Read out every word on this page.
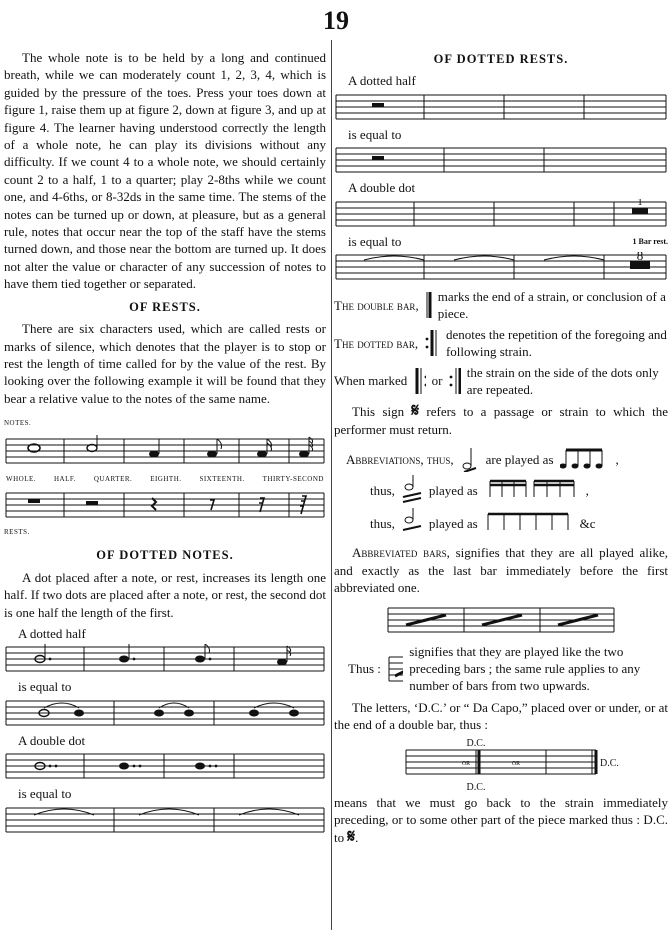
19

The whole note is to be held by a long and continued breath, while we can moderately count 1, 2, 3, 4, which is guided by the pressure of the toes. Press your toes down at figure 1, raise them up at figure 2, down at figure 3, and up at figure 4. The learner having understood correctly the length of a whole note, he can play its divisions without any difficulty. If we count 4 to a whole note, we should certainly count 2 to a half, 1 to a quarter; play 2-8ths while we count one, and 4-6ths, or 8-32ds in the same time. The stems of the notes can be turned up or down, at pleasure, but as a general rule, notes that occur near the top of the staff have the stems turned down, and those near the bottom are turned up. It does not alter the value or character of any succession of notes to have them tied together or separated.

OF RESTS.

There are six characters used, which are called rests or marks of silence, which denotes that the player is to stop or rest the length of time called for by the value of the rest. By looking over the following example it will be found that they bear a relative value to the notes of the same name.

NOTES.
WHOLE.	HALF.	QUARTER.	EIGHTH.	SIXTEENTH.	THIRTY-SECOND
RESTS.
OF DOTTED NOTES.

A dot placed after a note, or rest, increases its length one half. If two dots are placed after a note, or rest, the second dot is one half the length of the first.

A dotted half
is equal to
A double dot
is equal to
OF DOTTED RESTS.
A dotted half
is equal to
A double dot
1
is equal to	1 Bar rest.
8
The double bar,
marks the end of a strain, or conclusion of a piece.
The dotted bar,
denotes the repetition of the foregoing and following strain.
When marked or
the strain on the side of the dots only are repeated.

This sign 𝄋 refers to a passage or strain to which the performer must return.

Abbreviations, thus, are played as	,
thus,	played as	,
thus,	played as	&c

Abbreviated bars, signifies that they are all played alike, and exactly as the last bar immediately before the first abbreviated one.

Thus :
signifies that they are played like the two preceding bars ; the same rule applies to any number of bars from two upwards.

The letters, ‘D.C.’ or “ Da Capo,” placed over or under, or at the end of a double bar, thus :

D.C.
D.C.
D.C.
OR	OR

means that we must go back to the strain immediately preceding, or to some other part of the piece marked thus : D.C. to 𝄋.
